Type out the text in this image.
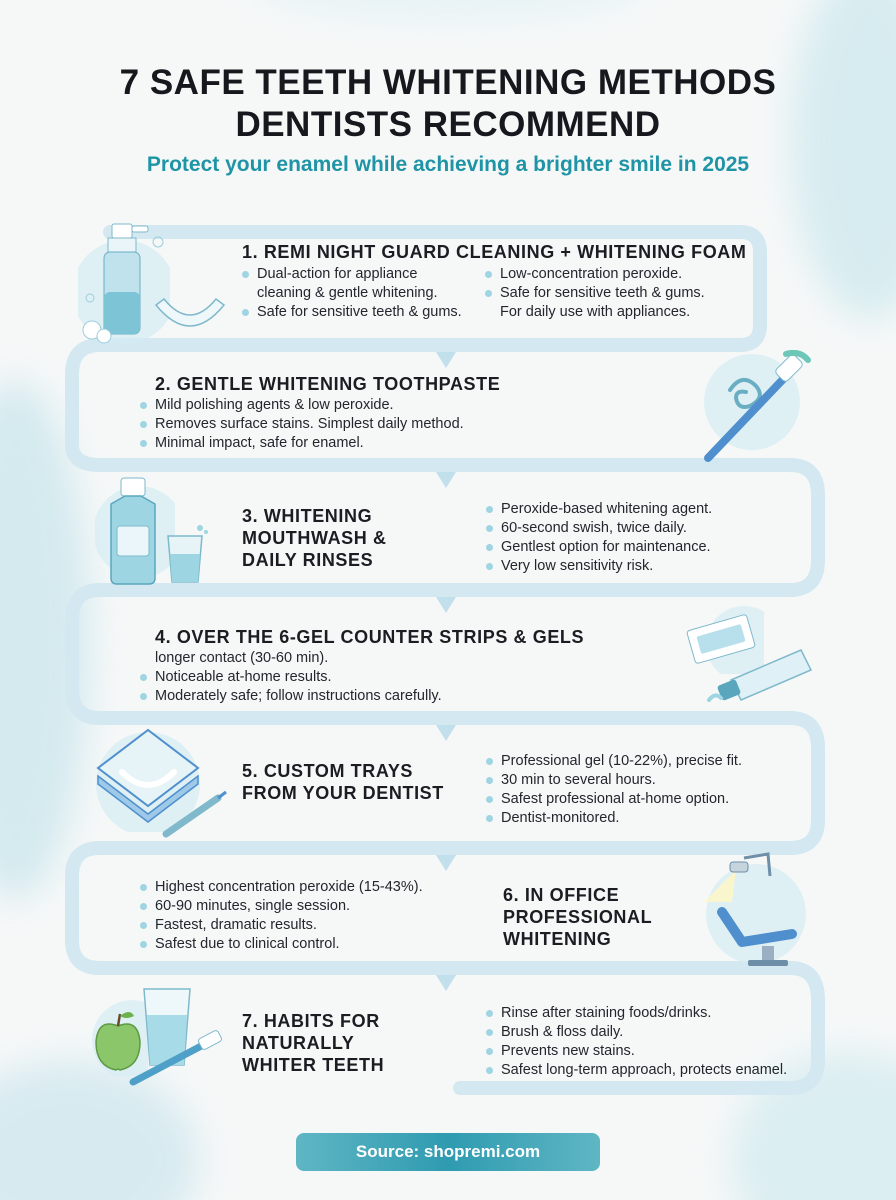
7 SAFE TEETH WHITENING METHODS
DENTISTS RECOMMEND
Protect your enamel while achieving a brighter smile in 2025
1. REMI NIGHT GUARD CLEANING + WHITENING FOAM
Dual-action for appliance
cleaning & gentle whitening.
Safe for sensitive teeth & gums.
Low-concentration peroxide.
Safe for sensitive teeth & gums.
For daily use with appliances.
2. GENTLE WHITENING TOOTHPASTE
Mild polishing agents & low peroxide.
Removes surface stains. Simplest daily method.
Minimal impact, safe for enamel.
3. WHITENING
MOUTHWASH &
DAILY RINSES
Peroxide-based whitening agent.
60-second swish, twice daily.
Gentlest option for maintenance.
Very low sensitivity risk.
4. OVER THE 6-GEL COUNTER STRIPS & GELS
longer contact (30-60 min).
Noticeable at-home results.
Moderately safe; follow instructions carefully.
5. CUSTOM TRAYS
FROM YOUR DENTIST
Professional gel (10-22%), precise fit.
30 min to several hours.
Safest professional at-home option.
Dentist-monitored.
Highest concentration peroxide (15-43%).
60-90 minutes, single session.
Fastest, dramatic results.
Safest due to clinical control.
6. IN OFFICE
PROFESSIONAL
WHITENING
7. HABITS FOR
NATURALLY
WHITER TEETH
Rinse after staining foods/drinks.
Brush & floss daily.
Prevents new stains.
Safest long-term approach, protects enamel.
Source: shopremi.com
